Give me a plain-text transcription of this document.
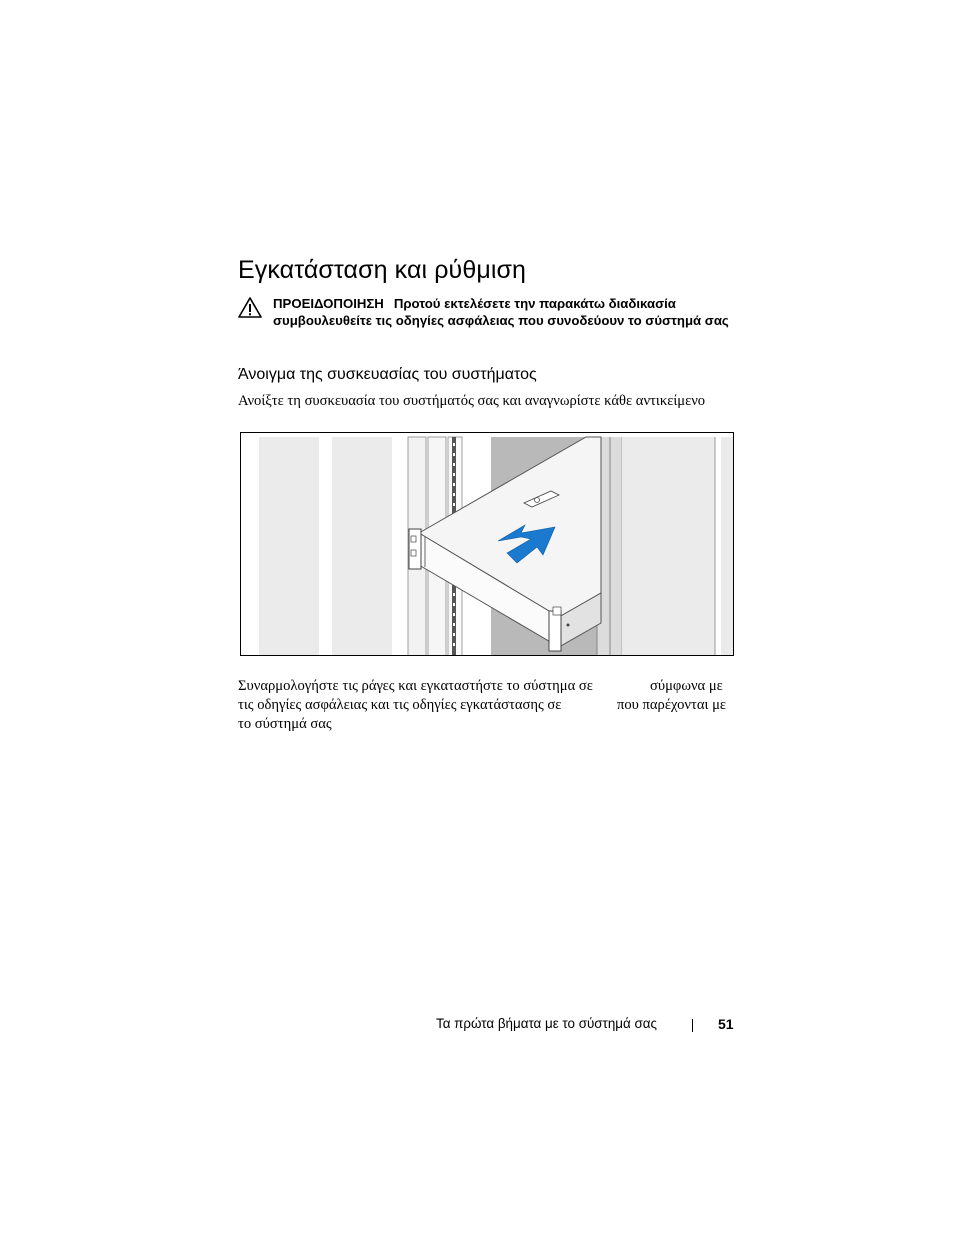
Εγκατάσταση και ρύθμιση
ΠΡΟΕΙΔΟΠΟΙΗΣΗ Προτού εκτελέσετε την παρακάτω διαδικασία συμβουλευθείτε τις οδηγίες ασφάλειας που συνοδεύουν το σύστημά σας
Άνοιγμα της συσκευασίας του συστήματος

Ανοίξτε τη συσκευασία του συστήματός σας και αναγνωρίστε κάθε αντικείμενο

Συναρμολογήστε τις ράγες και εγκαταστήστε το σύστημα σε	σύμφωνα με
τις οδηγίες ασφάλειας και τις οδηγίες εγκατάστασης σε	που παρέχονται με
το σύστημά σας
Τα πρώτα βήματα με το σύστημά σας	51
